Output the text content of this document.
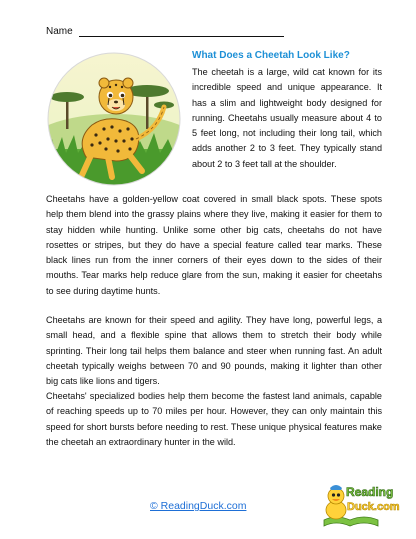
Name
What Does a Cheetah Look Like?

The cheetah is a large, wild cat known for its incredible speed and unique appearance. It has a slim and lightweight body designed for running. Cheetahs usually measure about 4 to 5 feet long, not including their long tail, which adds another 2 to 3 feet. They typically stand about 2 to 3 feet tall at the shoulder.

Cheetahs have a golden-yellow coat covered in small black spots. These spots help them blend into the grassy plains where they live, making it easier for them to stay hidden while hunting. Unlike some other big cats, cheetahs do not have rosettes or stripes, but they do have a special feature called tear marks. These black lines run from the inner corners of their eyes down to the sides of their mouths. Tear marks help reduce glare from the sun, making it easier for cheetahs to see during daytime hunts.

Cheetahs are known for their speed and agility. They have long, powerful legs, a small head, and a flexible spine that allows them to stretch their body while sprinting. Their long tail helps them balance and steer when running fast. An adult cheetah typically weighs between 70 and 90 pounds, making it lighter than other big cats like lions and tigers.

Cheetahs' specialized bodies help them become the fastest land animals, capable of reaching speeds up to 70 miles per hour. However, they can only maintain this speed for short bursts before needing to rest. These unique physical features make the cheetah an extraordinary hunter in the wild.

© ReadingDuck.com
Reading
Duck.com
